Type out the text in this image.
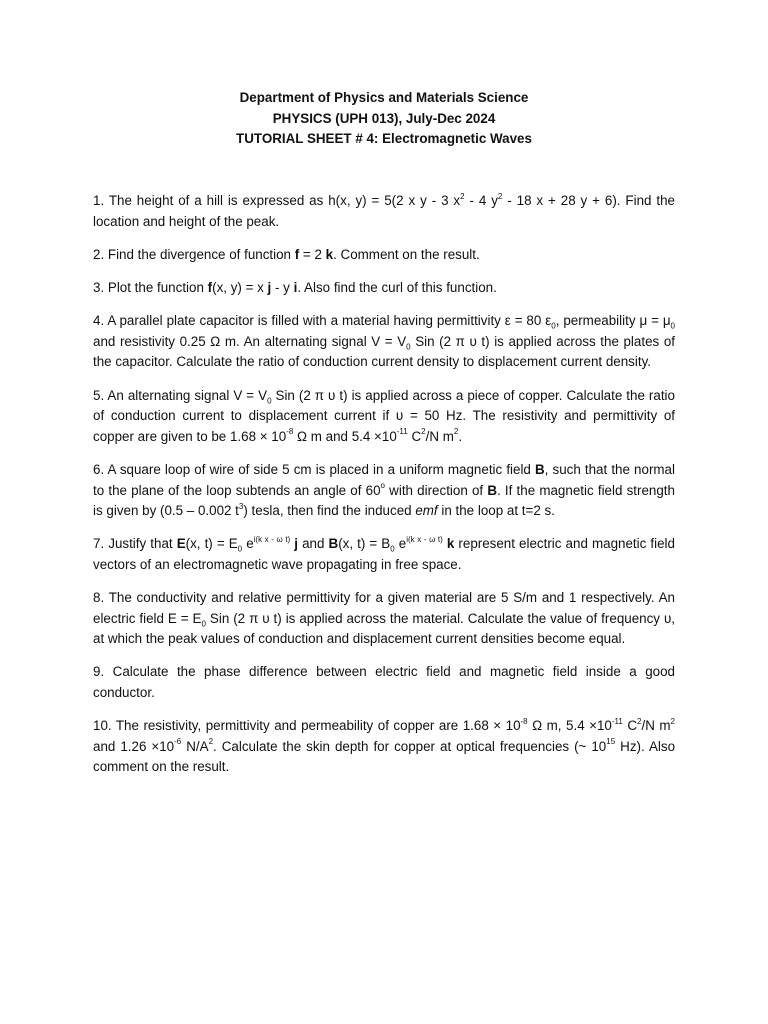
Department of Physics and Materials Science
PHYSICS (UPH 013), July-Dec 2024
TUTORIAL SHEET # 4: Electromagnetic Waves

1. The height of a hill is expressed as h(x, y) = 5(2 x y - 3 $x^2 - 4$ $y^2 - 18$ x + 28 y + 6). Find the location and height of the peak.

2. Find the divergence of function f = 2 k. Comment on the result.

3. Plot the function f(x, y) = x j - y i. Also find the curl of this function.

4. A parallel plate capacitor is filled with a material having permittivity ε = 80 $\varepsilon_0$, permeability $\mu = \mu_0$ and resistivity 0.25 Ω m. An alternating signal $V = V_0$ Sin (2 π υ t) is applied across the plates of the capacitor. Calculate the ratio of conduction current density to displacement current density.

5. An alternating signal $V = V_0$ Sin (2 π υ t) is applied across a piece of copper. Calculate the ratio of conduction current to displacement current if υ = 50 Hz. The resistivity and permittivity of copper are given to be $1.68 \times 10^{-8}$ Ω m and $5.4 \times 10^{-11}$ $C^2/N$ $m^2$.

6. A square loop of wire of side 5 cm is placed in a uniform magnetic field B, such that the normal to the plane of the loop subtends an angle of 60$^o$ with direction of B. If the magnetic field strength is given by (0.5 – 0.002 $t^3$) tesla, then find the induced emf in the loop at t=2 s.

7. Justify that E(x, $t) = E_0$ $e^{i(k x - \omega t)}$ j and B(x, $t) = B_0$ $e^{i(k x - \omega t)}$ k represent electric and magnetic field vectors of an electromagnetic wave propagating in free space.

8. The conductivity and relative permittivity for a given material are 5 S/m and 1 respectively. An electric field $E = E_0$ Sin (2 π υ t) is applied across the material. Calculate the value of frequency υ, at which the peak values of conduction and displacement current densities become equal.

9. Calculate the phase difference between electric field and magnetic field inside a good conductor.

10. The resistivity, permittivity and permeability of copper are $1.68 \times 10^{-8}$ Ω m, $5.4 \times 10^{-11}$ $C^2/N$ $m^2$ and $1.26 \times 10^{-6}$ $N/A^2$. Calculate the skin depth for copper at optical frequencies (~ $10^{15}$ Hz). Also comment on the result.
